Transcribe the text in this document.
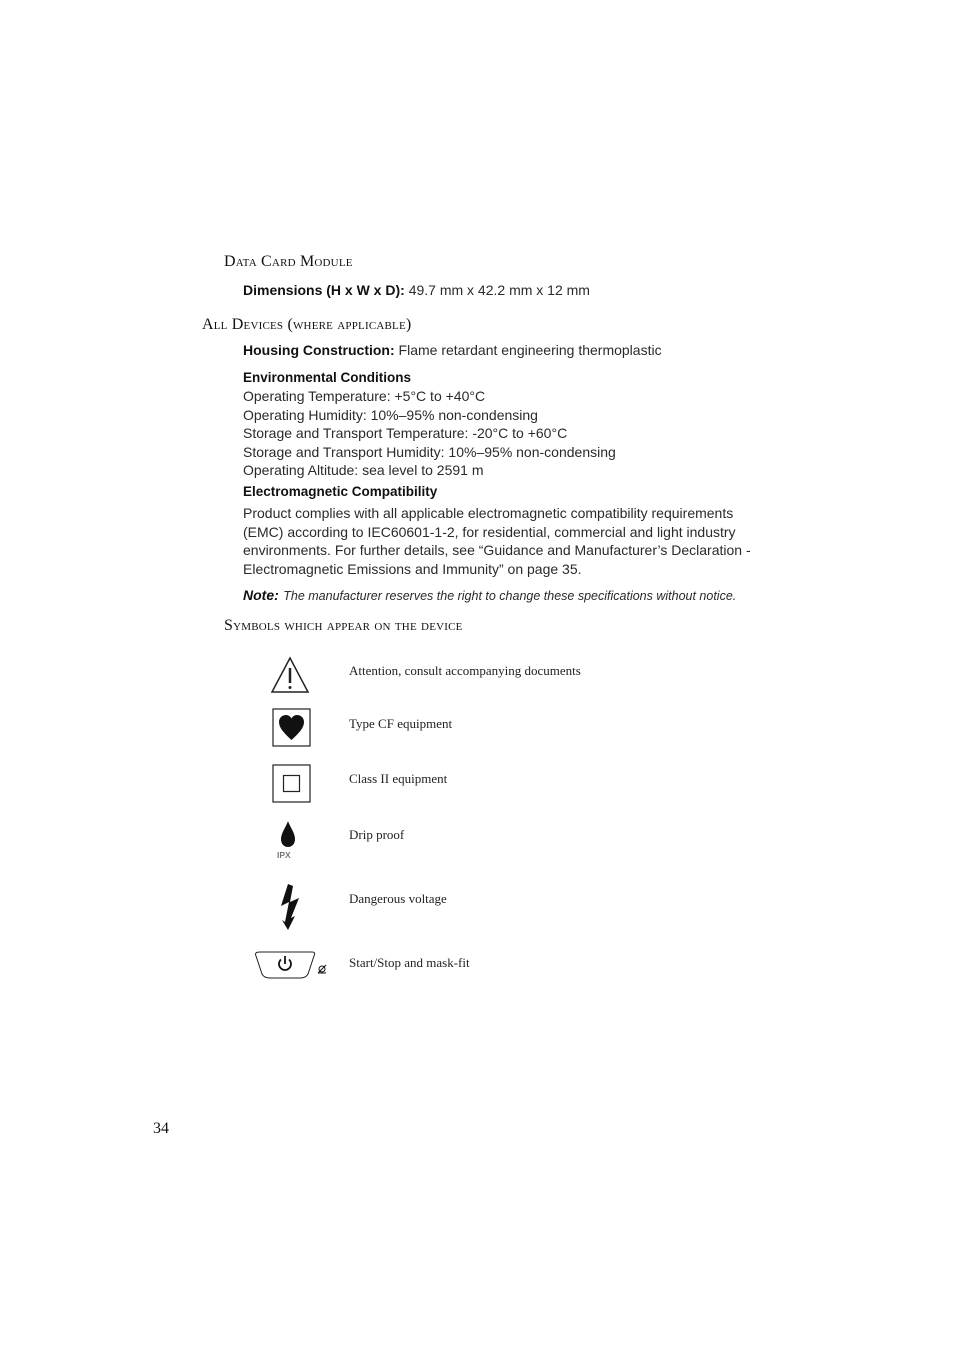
Data Card Module
Dimensions (H x W x D): 49.7 mm x 42.2 mm x 12 mm
All Devices (where applicable)
Housing Construction: Flame retardant engineering thermoplastic
Environmental Conditions
Operating Temperature: +5°C to +40°C
Operating Humidity: 10%–95% non-condensing
Storage and Transport Temperature: -20°C to +60°C
Storage and Transport Humidity: 10%–95% non-condensing
Operating Altitude: sea level to 2591 m
Electromagnetic Compatibility
Product complies with all applicable electromagnetic compatibility requirements
(EMC) according to IEC60601-1-2, for residential, commercial and light industry
environments. For further details, see “Guidance and Manufacturer’s Declaration -
Electromagnetic Emissions and Immunity” on page 35.
Note: The manufacturer reserves the right to change these specifications without notice.
Symbols which appear on the device
Attention, consult accompanying documents
Type CF equipment
Class II equipment
IPX
Drip proof
Dangerous voltage
Start/Stop and mask-fit
34
